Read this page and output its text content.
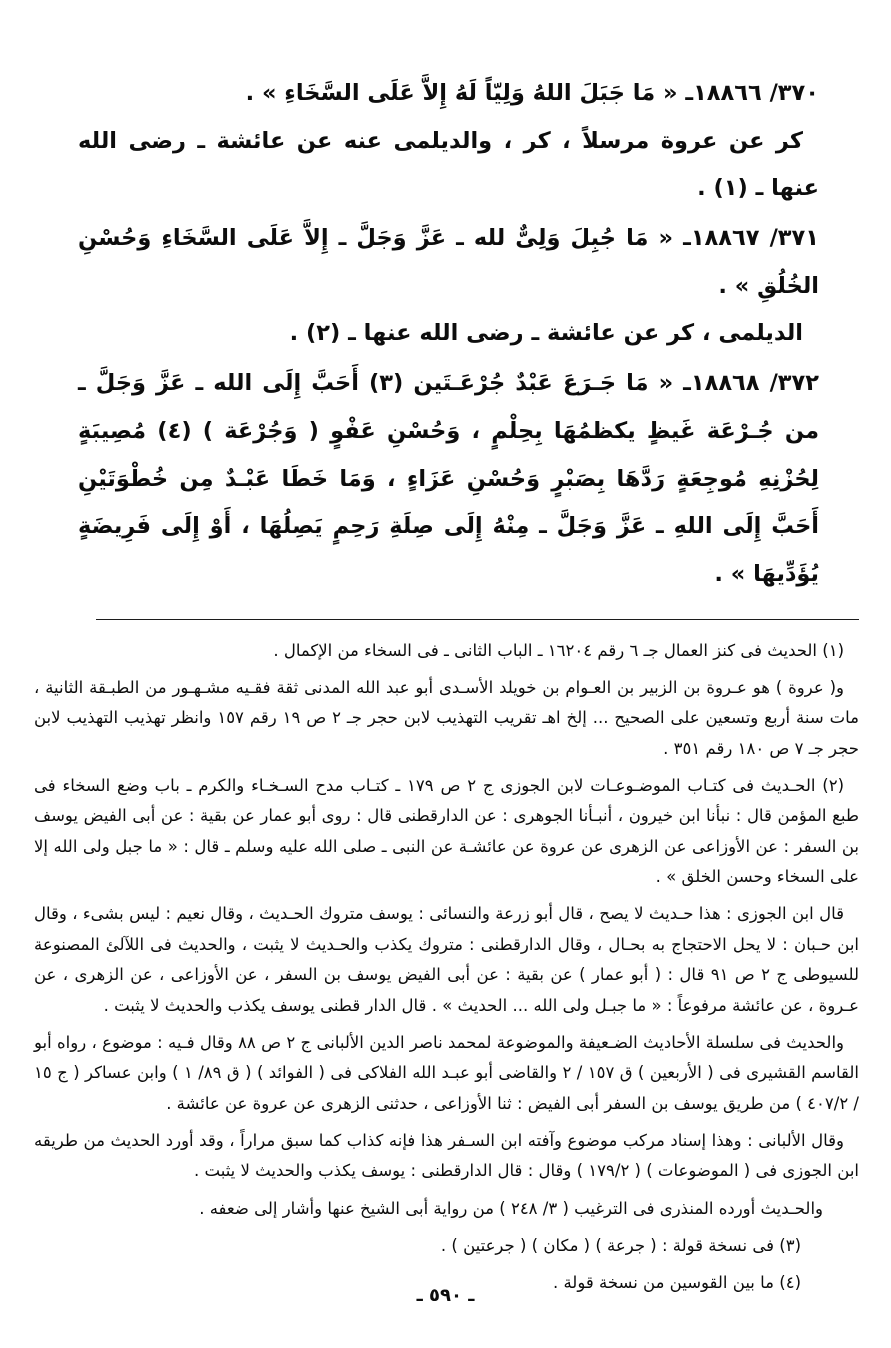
٣٧٠/ ١٨٨٦٦ـ « مَا جَبَلَ اللهُ وَلِيّاً لَهُ إِلاَّ عَلَى السَّخَاءِ » .

كر عن عروة مرسلاً ، كر ، والديلمى عنه عن عائشة ـ رضى الله عنها ـ (١) .

٣٧١/ ١٨٨٦٧ـ « مَا جُبِلَ وَلِىٌّ لله ـ عَزَّ وَجَلَّ ـ إِلاَّ عَلَى السَّخَاءِ وَحُسْنِ الخُلُقِ » .

الديلمى ، كر عن عائشة ـ رضى الله عنها ـ (٢) .

٣٧٢/ ١٨٨٦٨ـ « مَا جَـرَعَ عَبْدٌ جُرْعَـتَين (٣) أَحَبَّ إِلَى الله ـ عَزَّ وَجَلَّ ـ من جُـرْعَة غَيظٍ يكظمُهَا بِحِلْمٍ ، وَحُسْنِ عَفْوٍ ( وَجُرْعَة ) (٤) مُصِيبَةٍ لِحُزْنِهِ مُوجِعَةٍ رَدَّهَا بِصَبْرٍ وَحُسْنِ عَزَاءٍ ، وَمَا خَطَا عَبْـدٌ مِن خُطْوَتَيْنِ أَحَبَّ إِلَى اللهِ ـ عَزَّ وَجَلَّ ـ مِنْهُ إِلَى صِلَةِ رَحِمٍ يَصِلُهَا ، أَوْ إِلَى فَرِيضَةٍ يُؤَدِّيهَا » .

(١) الحديث فى كنز العمال جـ ٦ رقم ١٦٢٠٤ ـ الباب الثانى ـ فى السخاء من الإكمال .

و( عروة ) هو عـروة بن الزبير بن العـوام بن خويلد الأسـدى أبو عبد الله المدنى ثقة فقـيه مشـهـور من الطبـقة الثانية ، مات سنة أربع وتسعين على الصحيح ... إلخ اهـ تقريب التهذيب لابن حجر جـ ٢ ص ١٩ رقم ١٥٧ وانظر تهذيب التهذيب لابن حجر جـ ٧ ص ١٨٠ رقم ٣٥١ .

(٢) الحـديث فى كتـاب الموضـوعـات لابن الجوزى ج ٢ ص ١٧٩ ـ كتـاب مدح السـخـاء والكرم ـ باب وضع السخاء فى طبع المؤمن قال : نبأنا ابن خيرون ، أنبـأنا الجوهرى : عن الدارقطنى قال : روى أبو عمار عن بقية : عن أبى الفيض يوسف بن السفر : عن الأوزاعى عن الزهرى عن عروة عن عائشـة عن النبى ـ صلى الله عليه وسلم ـ قال : « ما جبل ولى الله إلا على السخاء وحسن الخلق » .

قال ابن الجوزى : هذا حـديث لا يصح ، قال أبو زرعة والنسائى : يوسف متروك الحـديث ، وقال نعيم : ليس بشىء ، وقال ابن حـبان : لا يحل الاحتجاج به بحـال ، وقال الدارقطنى : متروك يكذب والحـديث لا يثبت ، والحديث فى اللآلئ المصنوعة للسيوطى ج ٢ ص ٩١ قال : ( أبو عمار ) عن بقية : عن أبى الفيض يوسف بن السفر ، عن الأوزاعى ، عن الزهرى ، عن عـروة ، عن عائشة مرفوعاً : « ما جبـل ولى الله ... الحديث » . قال الدار قطنى يوسف يكذب والحديث لا يثبت .

والحديث فى سلسلة الأحاديث الضـعيفة والموضوعة لمحمد ناصر الدين الألبانى ج ٢ ص ٨٨ وقال فـيه : موضوع ، رواه أبو القاسم القشيرى فى ( الأربعين ) ق ١٥٧ / ٢ والقاضى أبو عبـد الله الفلاكى فى ( الفوائد ) ( ق ٨٩/ ١ ) وابن عساكر ( ج ١٥ / ٤٠٧/٢ ) من طريق يوسف بن السفر أبى الفيض : ثنا الأوزاعى ، حدثنى الزهرى عن عروة عن عائشة .

وقال الألبانى : وهذا إسناد مركب موضوع وآفته ابن السـفر هذا فإنه كذاب كما سبق مراراً ، وقد أورد الحديث من طريقه ابن الجوزى فى ( الموضوعات ) ( ١٧٩/٢ ) وقال : قال الدارقطنى : يوسف يكذب والحديث لا يثبت .

والحـديث أورده المنذرى فى الترغيب ( ٣/ ٢٤٨ ) من رواية أبى الشيخ عنها وأشار إلى ضعفه .

(٣) فى نسخة قولة : ( جرعة ) ( مكان ) ( جرعتين ) .

(٤) ما بين القوسين من نسخة قولة .

ـ ٥٩٠ ـ
